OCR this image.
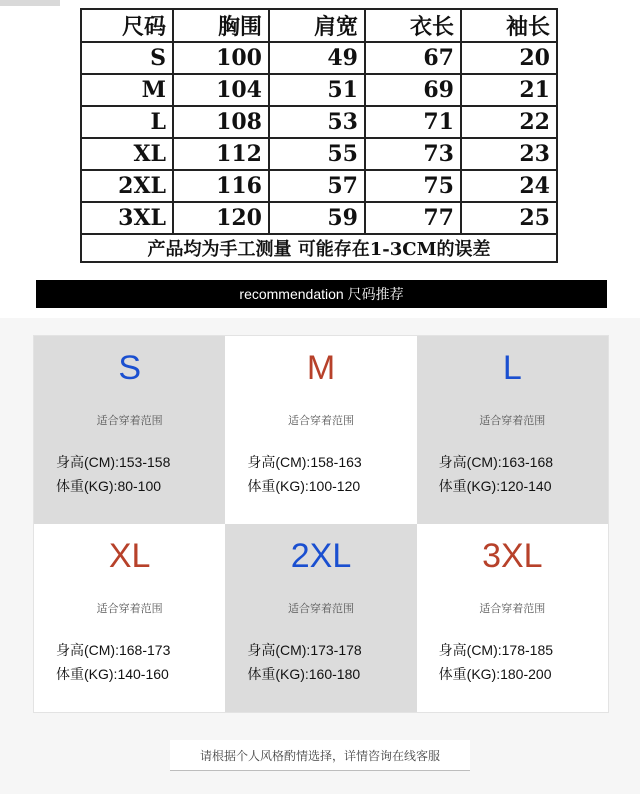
尺码	胸围	肩宽	衣长	袖长
S	100	49	67	20
M	104	51	69	21
L	108	53	71	22
XL	112	55	73	23
2XL	116	57	75	24
3XL	120	59	77	25
产品均为手工测量 可能存在1-3CM的误差				
recommendation 尺码推荐
S
适合穿着范围
身高(CM):153-158
体重(KG):80-100
M
适合穿着范围
身高(CM):158-163
体重(KG):100-120
L
适合穿着范围
身高(CM):163-168
体重(KG):120-140
XL
适合穿着范围
身高(CM):168-173
体重(KG):140-160
2XL
适合穿着范围
身高(CM):173-178
体重(KG):160-180
3XL
适合穿着范围
身高(CM):178-185
体重(KG):180-200
请根据个人风格酌情选择，详情咨询在线客服
